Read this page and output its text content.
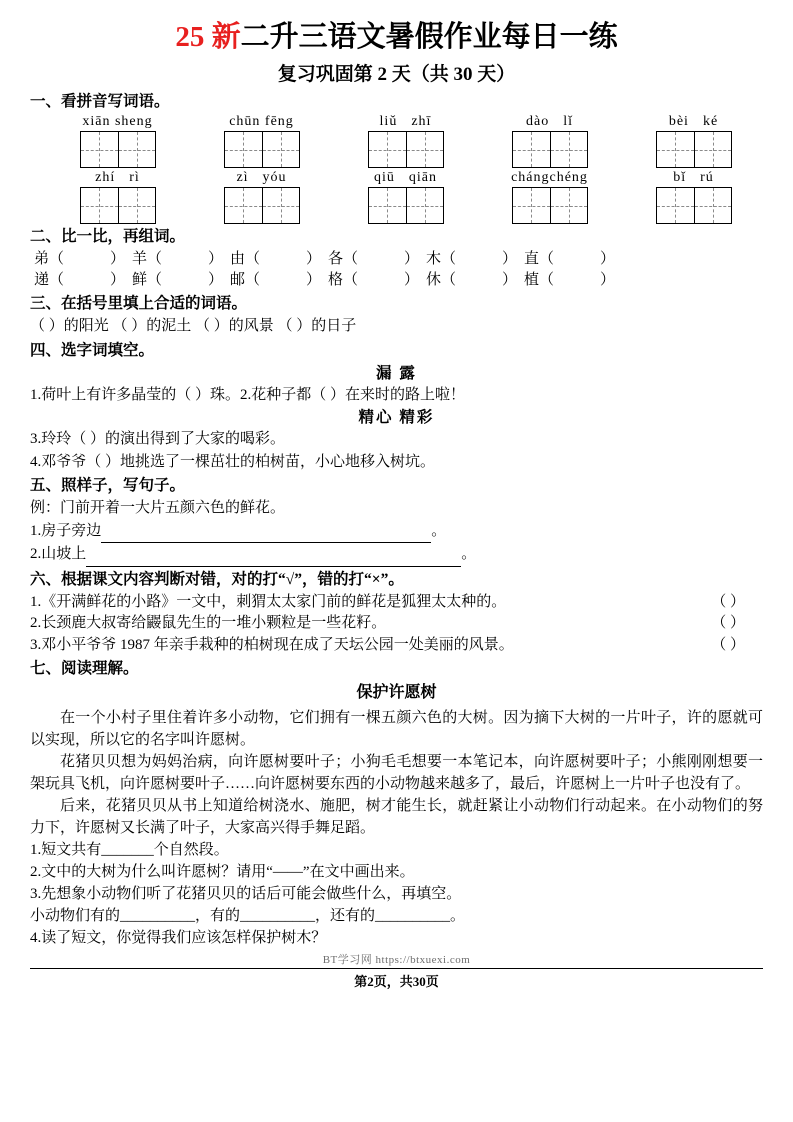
25 新二升三语文暑假作业每日一练
复习巩固第 2 天（共 30 天）
一、看拼音写词语。
xiān sheng	chūn fēng	liǔ zhī	dào lǐ	bèi ké
zhí rì	zì yóu	qiū qiān	chángchéng	bǐ rú
二、比一比，再组词。
弟（	） 羊（	） 由（	） 各（	） 木（	） 直（	）
递（	） 鲜（	） 邮（	） 格（	） 休（	） 植（	）
三、在括号里填上合适的词语。
（ ）的阳光 （ ）的泥土 （ ）的风景 （ ）的日子
四、选字词填空。
漏 露
1.荷叶上有许多晶莹的（ ）珠。2.花种子都（ ）在来时的路上啦！
精心 精彩
3.玲玲（ ）的演出得到了大家的喝彩。
4.邓爷爷（ ）地挑选了一棵茁壮的柏树苗，小心地移入树坑。
五、照样子，写句子。
例：门前开着一大片五颜六色的鲜花。
1.房子旁边	。
2.山坡上	。
六、根据课文内容判断对错，对的打“√”，错的打“×”。
1.《开满鲜花的小路》一文中，刺猬太太家门前的鲜花是狐狸太太种的。	（ ）
2.长颈鹿大叔寄给鼹鼠先生的一堆小颗粒是一些花籽。	（ ）
3.邓小平爷爷 1987 年亲手栽种的柏树现在成了天坛公园一处美丽的风景。	（ ）
七、阅读理解。
保护许愿树
在一个小村子里住着许多小动物，它们拥有一棵五颜六色的大树。因为摘下大树的一片叶子，许的愿就可以实现，所以它的名字叫许愿树。
花猪贝贝想为妈妈治病，向许愿树要叶子；小狗毛毛想要一本笔记本，向许愿树要叶子；小熊刚刚想要一架玩具飞机，向许愿树要叶子……向许愿树要东西的小动物越来越多了，最后，许愿树上一片叶子也没有了。
后来，花猪贝贝从书上知道给树浇水、施肥，树才能生长，就赶紧让小动物们行动起来。在小动物们的努力下，许愿树又长满了叶子，大家高兴得手舞足蹈。
1.短文共有_______个自然段。
2.文中的大树为什么叫许愿树？请用“——”在文中画出来。
3.先想象小动物们听了花猪贝贝的话后可能会做些什么，再填空。
小动物们有的__________，有的__________，还有的__________。
4.读了短文，你觉得我们应该怎样保护树木？
BT学习网 https://btxuexi.com
第2页，共30页
